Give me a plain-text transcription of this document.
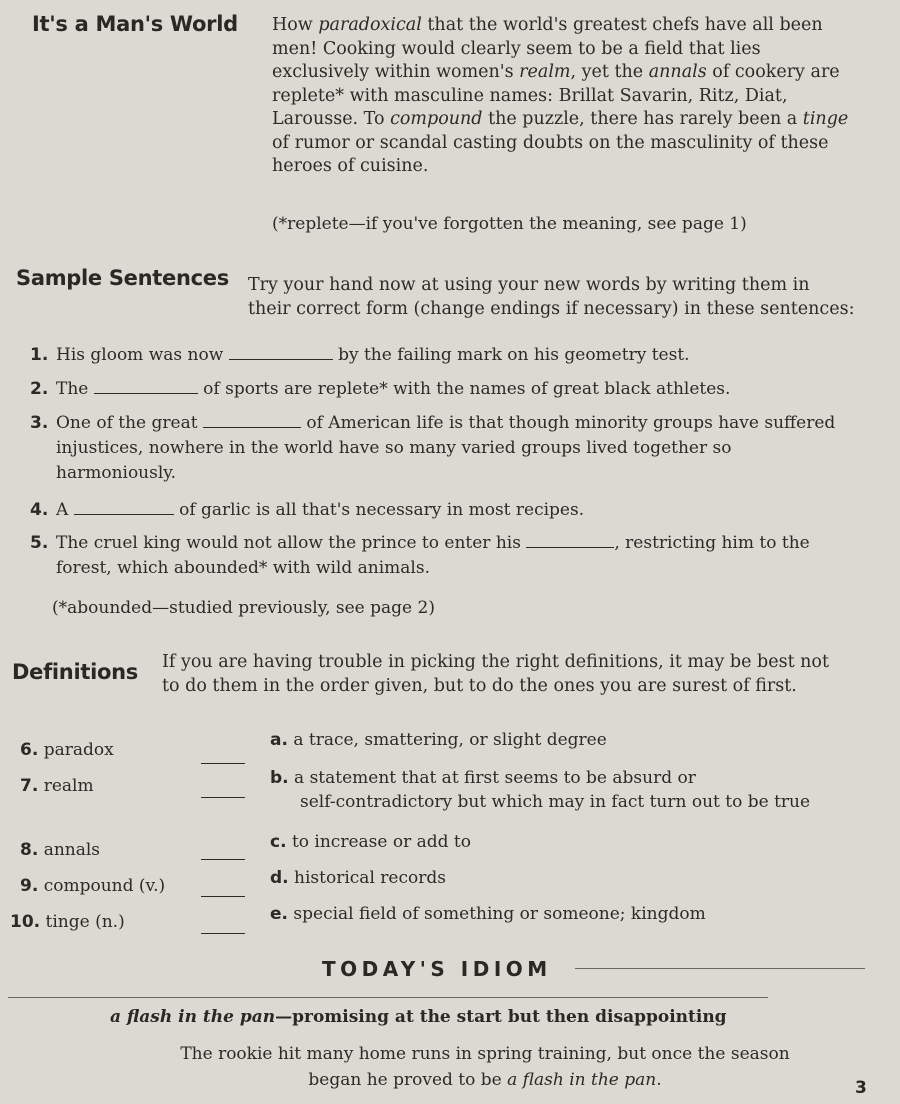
It's a Man's World How paradoxical that the world's greatest chefs have all been
men! Cooking would clearly seem to be a field that lies
exclusively within women's realm, yet the annals of cookery are
replete* with masculine names: Brillat Savarin, Ritz, Diat,
Larousse. To compound the puzzle, there has rarely been a tinge
of rumor or scandal casting doubts on the masculinity of these
heroes of cuisine.
(*replete—if you've forgotten the meaning, see page 1)
Sample Sentences Try your hand now at using your new words by writing them in
their correct form (change endings if necessary) in these sentences:
1. His gloom was now	by the failing mark on his geometry test.
2. The	of sports are replete* with the names of great black athletes.
3. One of the great	of American life is that though minority groups have suffered
injustices, nowhere in the world have so many varied groups lived together so
harmoniously.
4. A	of garlic is all that's necessary in most recipes.
5. The cruel king would not allow the prince to enter his	, restricting him to the
forest, which abounded* with wild animals.
(*abounded—studied previously, see page 2)
Definitions If you are having trouble in picking the right definitions, it may be best not
to do them in the order given, but to do the ones you are surest of first.
6. paradox
7. realm
8. annals
9. compound (v.)
10. tinge (n.)
a. a trace, smattering, or slight degree
b. a statement that at first seems to be absurd or
self-contradictory but which may in fact turn out to be true
c. to increase or add to
d. historical records
e. special field of something or someone; kingdom
TODAY'S IDIOM
a flash in the pan—promising at the start but then disappointing
The rookie hit many home runs in spring training, but once the season began he proved to be a flash in the pan.	3
